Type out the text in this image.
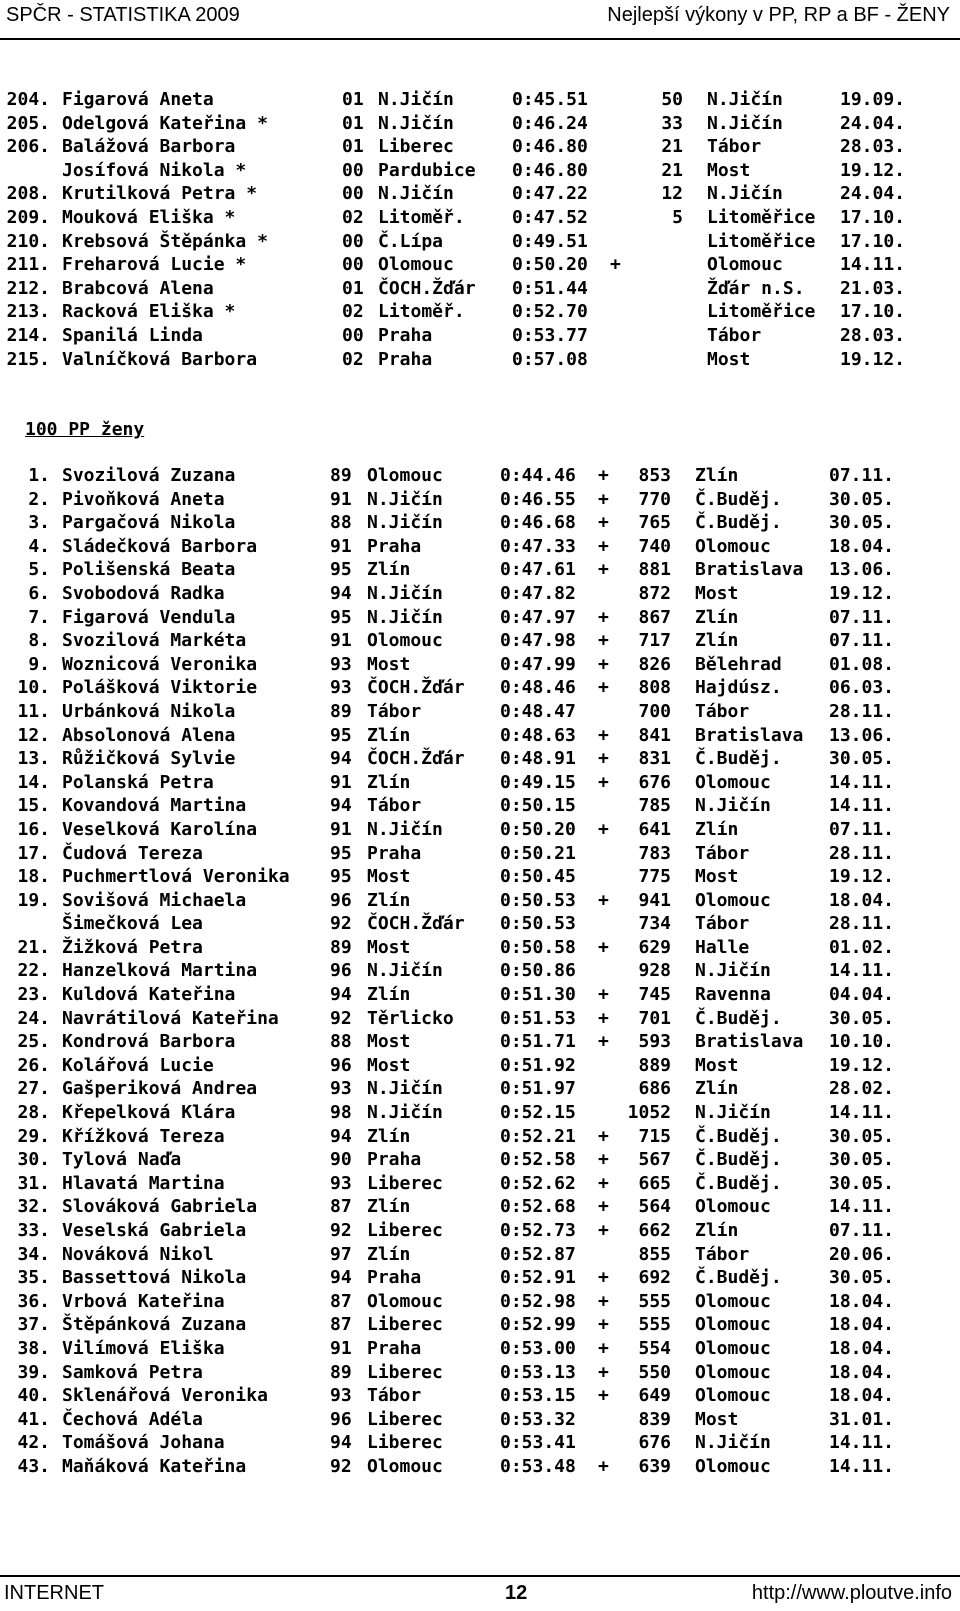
SPČR - STATISTIKA 2009	Nejlepší výkony v PP, RP a BF - ŽENY
204. Figarová Aneta	01 N.Jičín	0:45.51	50 N.Jičín	19.09.
205. Odelgová Kateřina *	01 N.Jičín	0:46.24	33 N.Jičín	24.04.
206. Balážová Barbora	01 Liberec	0:46.80	21 Tábor	28.03.
Josífová Nikola *	00 Pardubice 0:46.80	21 Most	19.12.
208. Krutilková Petra *	00 N.Jičín	0:47.22	12 N.Jičín	24.04.
209. Mouková Eliška *	02 Litoměř.	0:47.52	5 Litoměřice 17.10.
210. Krebsová Štěpánka *	00 Č.Lípa	0:49.51	Litoměřice 17.10.
211. Freharová Lucie *	00 Olomouc	0:50.20 +	Olomouc	14.11.
212. Brabcová Alena	01 ČOCH.Žďár 0:51.44	Žďár n.S. 21.03.
213. Racková Eliška *	02 Litoměř.	0:52.70	Litoměřice 17.10.
214. Spanilá Linda	00 Praha	0:53.77	Tábor	28.03.
215. Valníčková Barbora	02 Praha	0:57.08	Most	19.12.
100 PP ženy
1. Svozilová Zuzana	89 Olomouc	0:44.46 + 853 Zlín	07.11.
2. Pivoňková Aneta	91 N.Jičín	0:46.55 + 770 Č.Buděj.	30.05.
3. Pargačová Nikola	88 N.Jičín	0:46.68 + 765 Č.Buděj.	30.05.
4. Sládečková Barbora	91 Praha	0:47.33 + 740 Olomouc	18.04.
5. Polišenská Beata	95 Zlín	0:47.61 + 881 Bratislava 13.06.
6. Svobodová Radka	94 N.Jičín	0:47.82	872 Most	19.12.
7. Figarová Vendula	95 N.Jičín	0:47.97 + 867 Zlín	07.11.
8. Svozilová Markéta	91 Olomouc	0:47.98 + 717 Zlín	07.11.
9. Woznicová Veronika	93 Most	0:47.99 + 826 Bělehrad	01.08.
10. Polášková Viktorie	93 ČOCH.Žďár 0:48.46 + 808 Hajdúsz.	06.03.
11. Urbánková Nikola	89 Tábor	0:48.47	700 Tábor	28.11.
12. Absolonová Alena	95 Zlín	0:48.63 + 841 Bratislava 13.06.
13. Růžičková Sylvie	94 ČOCH.Žďár 0:48.91 + 831 Č.Buděj.	30.05.
14. Polanská Petra	91 Zlín	0:49.15 + 676 Olomouc	14.11.
15. Kovandová Martina	94 Tábor	0:50.15	785 N.Jičín	14.11.
16. Veselková Karolína	91 N.Jičín	0:50.20 + 641 Zlín	07.11.
17. Čudová Tereza	95 Praha	0:50.21	783 Tábor	28.11.
18. Puchmertlová Veronika 95 Most	0:50.45	775 Most	19.12.
19. Sovišová Michaela	96 Zlín	0:50.53 + 941 Olomouc	18.04.
Šimečková Lea	92 ČOCH.Žďár 0:50.53	734 Tábor	28.11.
21. Žižková Petra	89 Most	0:50.58 + 629 Halle	01.02.
22. Hanzelková Martina	96 N.Jičín	0:50.86	928 N.Jičín	14.11.
23. Kuldová Kateřina	94 Zlín	0:51.30 + 745 Ravenna	04.04.
24. Navrátilová Kateřina	92 Těrlicko	0:51.53 + 701 Č.Buděj.	30.05.
25. Kondrová Barbora	88 Most	0:51.71 + 593 Bratislava 10.10.
26. Kolářová Lucie	96 Most	0:51.92	889 Most	19.12.
27. Gašperiková Andrea	93 N.Jičín	0:51.97	686 Zlín	28.02.
28. Křepelková Klára	98 N.Jičín	0:52.15	1052 N.Jičín	14.11.
29. Křížková Tereza	94 Zlín	0:52.21 + 715 Č.Buděj.	30.05.
30. Tylová Naďa	90 Praha	0:52.58 + 567 Č.Buděj.	30.05.
31. Hlavatá Martina	93 Liberec	0:52.62 + 665 Č.Buděj.	30.05.
32. Slováková Gabriela	87 Zlín	0:52.68 + 564 Olomouc	14.11.
33. Veselská Gabriela	92 Liberec	0:52.73 + 662 Zlín	07.11.
34. Nováková Nikol	97 Zlín	0:52.87	855 Tábor	20.06.
35. Bassettová Nikola	94 Praha	0:52.91 + 692 Č.Buděj.	30.05.
36. Vrbová Kateřina	87 Olomouc	0:52.98 + 555 Olomouc	18.04.
37. Štěpánková Zuzana	87 Liberec	0:52.99 + 555 Olomouc	18.04.
38. Vilímová Eliška	91 Praha	0:53.00 + 554 Olomouc	18.04.
39. Samková Petra	89 Liberec	0:53.13 + 550 Olomouc	18.04.
40. Sklenářová Veronika	93 Tábor	0:53.15 + 649 Olomouc	18.04.
41. Čechová Adéla	96 Liberec	0:53.32	839 Most	31.01.
42. Tomášová Johana	94 Liberec	0:53.41	676 N.Jičín	14.11.
43. Maňáková Kateřina	92 Olomouc	0:53.48 + 639 Olomouc	14.11.
INTERNET	12	http://www.ploutve.info
